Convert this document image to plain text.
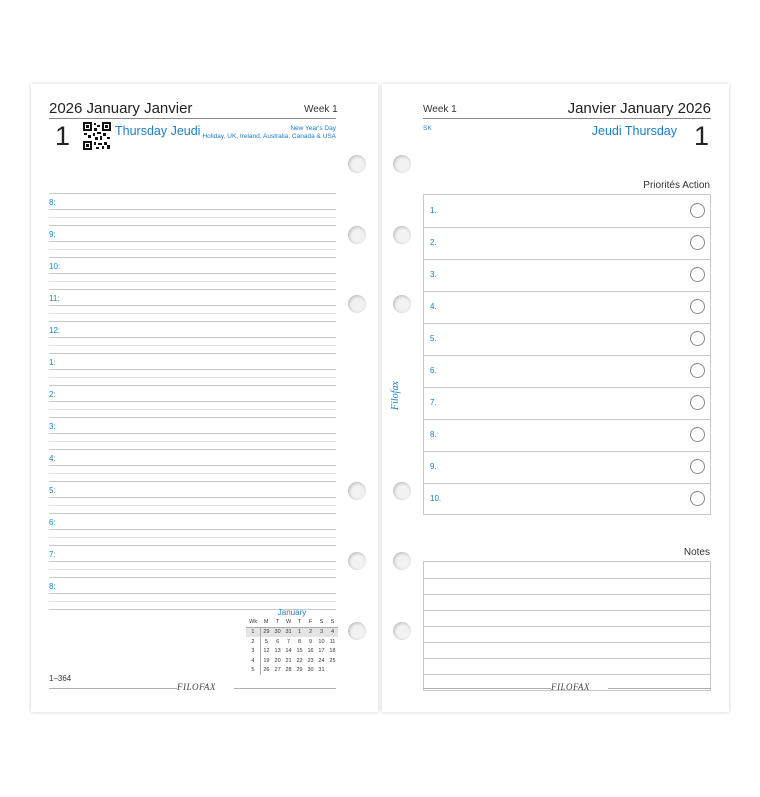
2026 January Janvier	Week 1
1	Thursday Jeudi	New Year's Day
Holiday, UK, Ireland, Australia, Canada & USA
8:
9:
10:
11:
12:
1:
2:
3:
4:
5:
6:
7:
8:
January
Wk	M	T	W	T	F	S	S
1	29	30	31	1	2	3	4
2	5	6	7	8	9	10	11
3	12	13	14	15	16	17	18
4	19	20	21	22	23	24	25
5	26	27	28	29	30	31	
1–364
FILOFAX
Week 1	Janvier January 2026
SK	Jeudi Thursday 1
Priorités Action
1.
2.
3.
4.
5.
6.
7.
8.
9.
10.
Notes
Filofax
FILOFAX
